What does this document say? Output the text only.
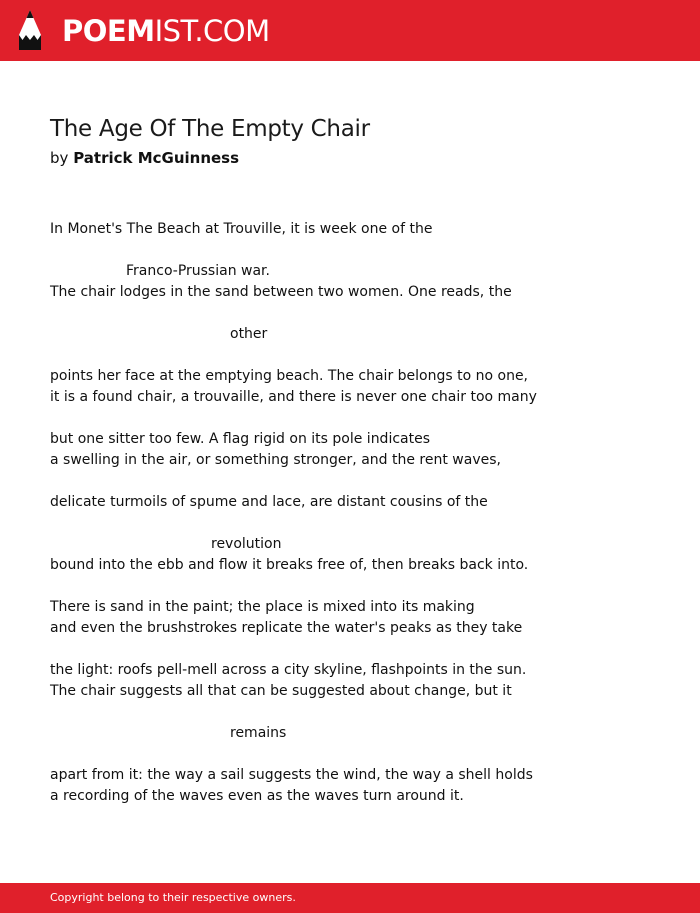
POEMIST.COM
The Age Of The Empty Chair
by Patrick McGuinness
In Monet's The Beach at Trouville, it is week one of the
Franco-Prussian war.
The chair lodges in the sand between two women. One reads, the
other
points her face at the emptying beach. The chair belongs to no one,
it is a found chair, a trouvaille, and there is never one chair too many
but one sitter too few. A flag rigid on its pole indicates
a swelling in the air, or something stronger, and the rent waves,
delicate turmoils of spume and lace, are distant cousins of the
revolution
bound into the ebb and flow it breaks free of, then breaks back into.
There is sand in the paint; the place is mixed into its making
and even the brushstrokes replicate the water's peaks as they take
the light: roofs pell-mell across a city skyline, flashpoints in the sun.
The chair suggests all that can be suggested about change, but it
remains
apart from it: the way a sail suggests the wind, the way a shell holds
a recording of the waves even as the waves turn around it.
Copyright belong to their respective owners.
